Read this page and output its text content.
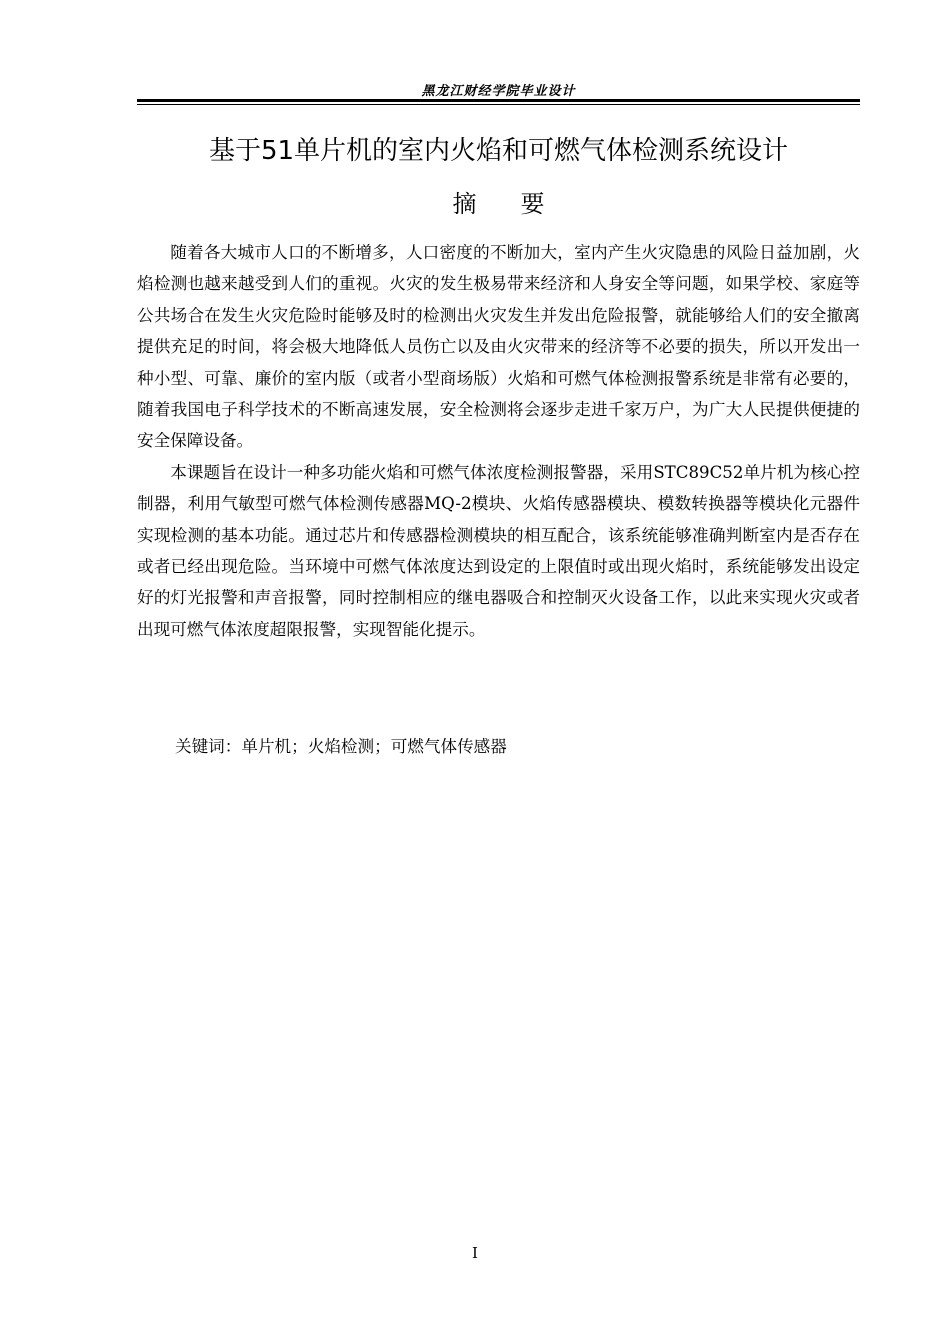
黑龙江财经学院毕业设计
基于51单片机的室内火焰和可燃气体检测系统设计
摘要

随着各大城市人口的不断增多，人口密度的不断加大，室内产生火灾隐患的风险日益加剧，火焰检测也越来越受到人们的重视。火灾的发生极易带来经济和人身安全等问题，如果学校、家庭等公共场合在发生火灾危险时能够及时的检测出火灾发生并发出危险报警，就能够给人们的安全撤离提供充足的时间，将会极大地降低人员伤亡以及由火灾带来的经济等不必要的损失，所以开发出一种小型、可靠、廉价的室内版（或者小型商场版）火焰和可燃气体检测报警系统是非常有必要的，随着我国电子科学技术的不断高速发展，安全检测将会逐步走进千家万户，为广大人民提供便捷的安全保障设备。

本课题旨在设计一种多功能火焰和可燃气体浓度检测报警器，采用STC89C52单片机为核心控制器，利用气敏型可燃气体检测传感器MQ-2模块、火焰传感器模块、模数转换器等模块化元器件实现检测的基本功能。通过芯片和传感器检测模块的相互配合，该系统能够准确判断室内是否存在或者已经出现危险。当环境中可燃气体浓度达到设定的上限值时或出现火焰时，系统能够发出设定好的灯光报警和声音报警，同时控制相应的继电器吸合和控制灭火设备工作，以此来实现火灾或者出现可燃气体浓度超限报警，实现智能化提示。

关键词：单片机；火焰检测；可燃气体传感器
I
